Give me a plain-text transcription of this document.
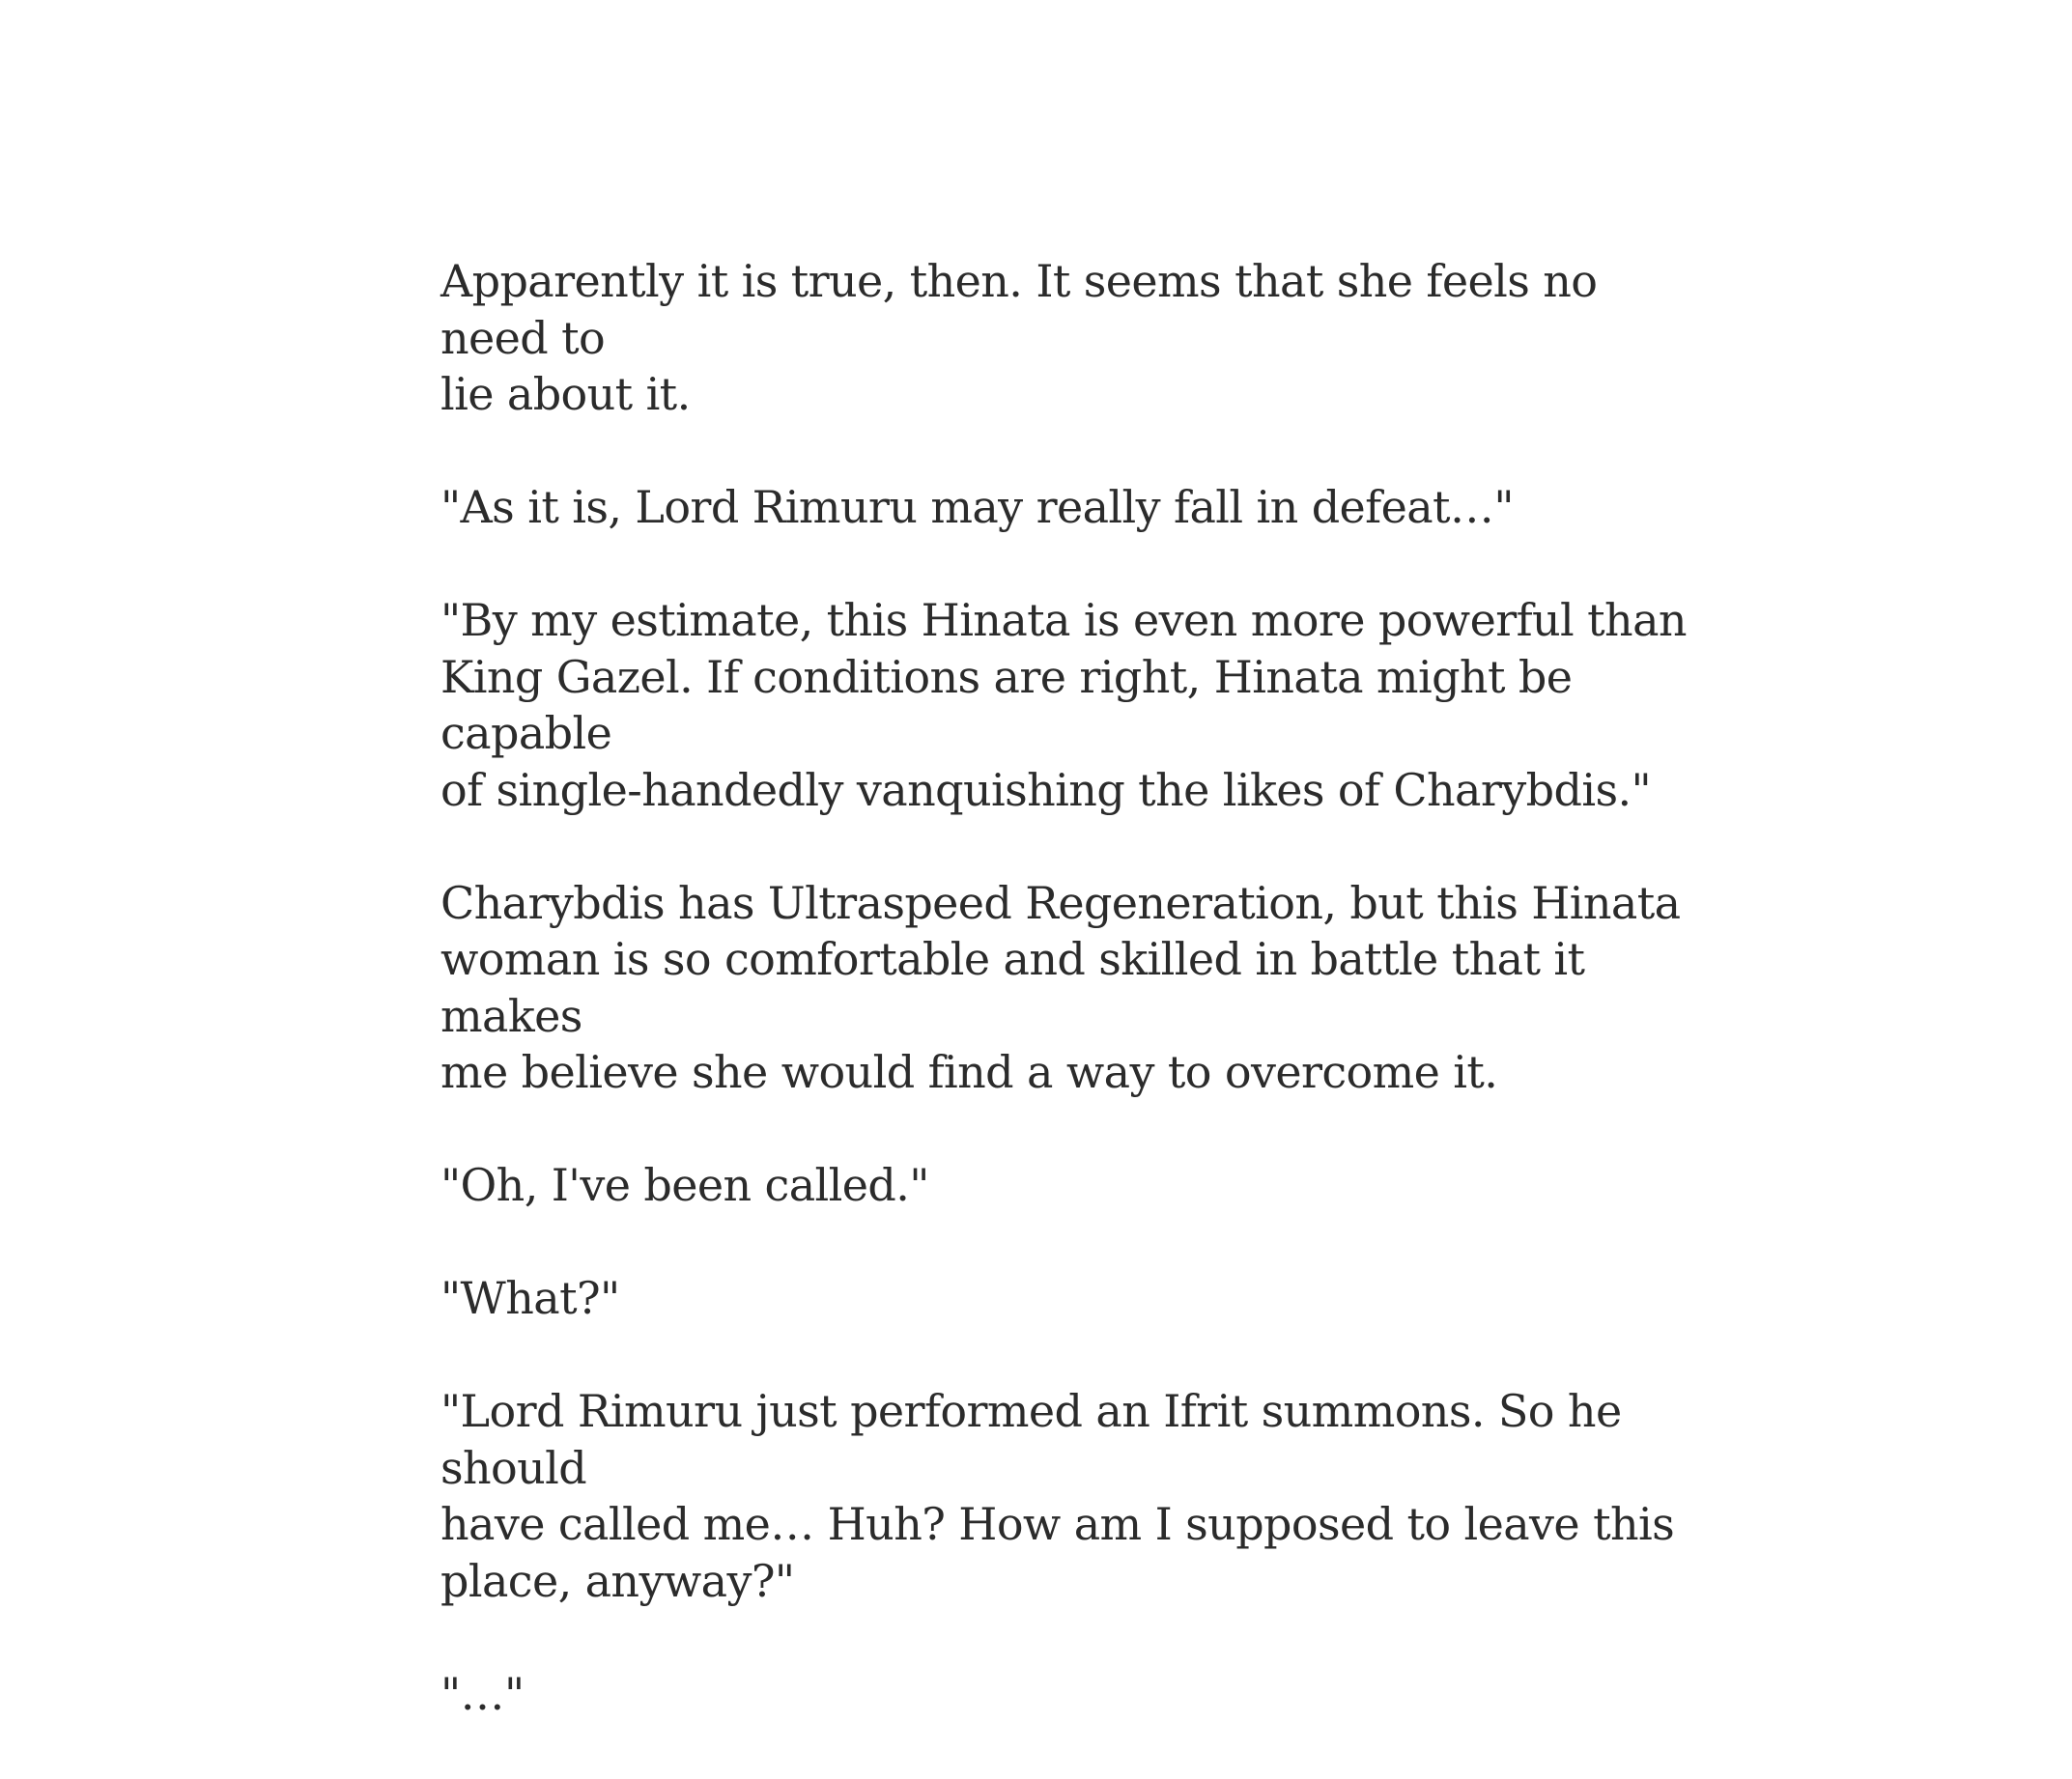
Apparently it is true, then. It seems that she feels no need to
lie about it.

"As it is, Lord Rimuru may really fall in defeat…"

"By my estimate, this Hinata is even more powerful than
King Gazel. If conditions are right, Hinata might be capable
of single-handedly vanquishing the likes of Charybdis."

Charybdis has Ultraspeed Regeneration, but this Hinata
woman is so comfortable and skilled in battle that it makes
me believe she would find a way to overcome it.

"Oh, I've been called."

"What?"

"Lord Rimuru just performed an Ifrit summons. So he should
have called me… Huh? How am I supposed to leave this
place, anyway?"

"…"
